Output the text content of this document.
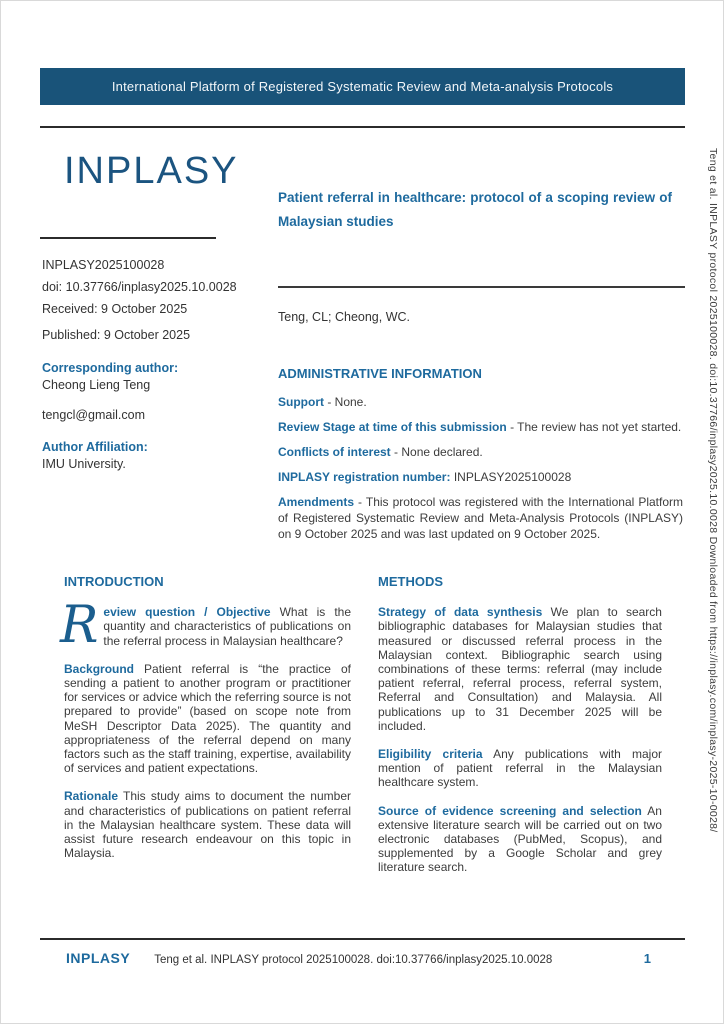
International Platform of Registered Systematic Review and Meta-analysis Protocols
INPLASY
INPLASY2025100028
doi: 10.37766/inplasy2025.10.0028
Received: 9 October 2025
Published: 9 October 2025
Corresponding author:
Cheong Lieng Teng
tengcl@gmail.com
Author Affiliation:
IMU University.
Patient referral in healthcare: protocol of a scoping review of Malaysian studies
Teng, CL; Cheong, WC.
ADMINISTRATIVE INFORMATION

Support - None.

Review Stage at time of this submission - The review has not yet started.

Conflicts of interest - None declared.

INPLASY registration number: INPLASY2025100028

Amendments - This protocol was registered with the International Platform of Registered Systematic Review and Meta-Analysis Protocols (INPLASY) on 9 October 2025 and was last updated on 9 October 2025.

INTRODUCTION

Review question / Objective What is the quantity and characteristics of publications on the referral process in Malaysian healthcare?

Background Patient referral is “the practice of sending a patient to another program or practitioner for services or advice which the referring source is not prepared to provide” (based on scope note from MeSH Descriptor Data 2025). The quantity and appropriateness of the referral depend on many factors such as the staff training, expertise, availability of services and patient expectations.

Rationale This study aims to document the number and characteristics of publications on patient referral in the Malaysian healthcare system. These data will assist future research endeavour on this topic in Malaysia.

METHODS

Strategy of data synthesis We plan to search bibliographic databases for Malaysian studies that measured or discussed referral process in the Malaysian context. Bibliographic search using combinations of these terms: referral (may include patient referral, referral process, referral system, Referral and Consultation) and Malaysia. All publications up to 31 December 2025 will be included.

Eligibility criteria Any publications with major mention of patient referral in the Malaysian healthcare system.

Source of evidence screening and selection An extensive literature search will be carried out on two electronic databases (PubMed, Scopus), and supplemented by a Google Scholar and grey literature search.

INPLASY Teng et al. INPLASY protocol 2025100028. doi:10.37766/inplasy2025.10.0028	1
Teng et al. INPLASY protocol 2025100028. doi:10.37766/inplasy2025.10.0028 Downloaded from https://inplasy.com/inplasy-2025-10-0028/
